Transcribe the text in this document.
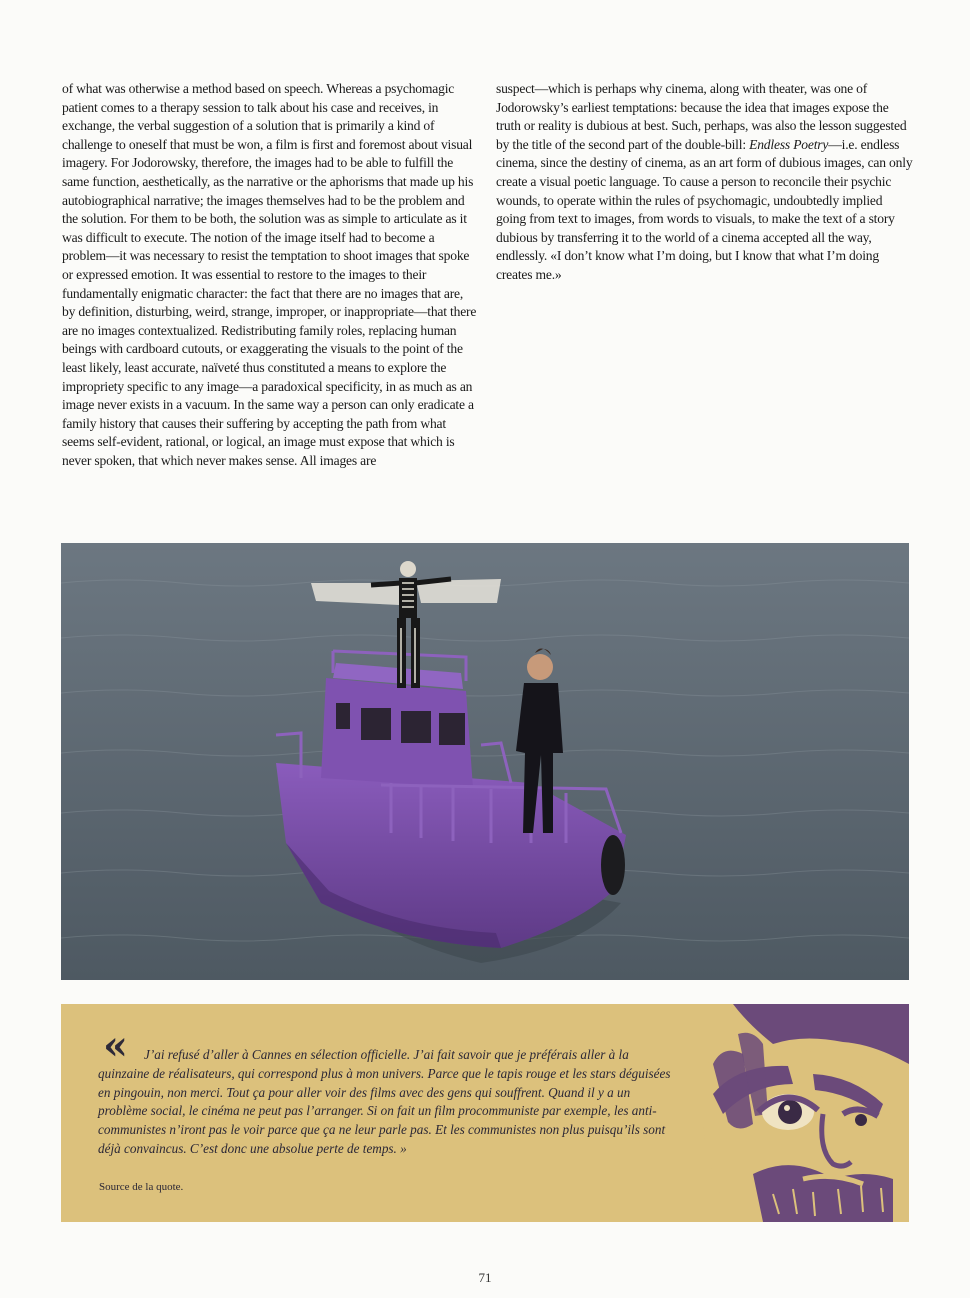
of what was otherwise a method based on speech. Whereas a psychomagic patient comes to a therapy session to talk about his case and receives, in exchange, the verbal suggestion of a solution that is primarily a kind of challenge to oneself that must be won, a film is first and foremost about visual imagery. For Jodorowsky, therefore, the images had to be able to fulfill the same function, aesthetically, as the narrative or the aphorisms that made up his autobiographical narrative; the images themselves had to be the problem and the solution. For them to be both, the solution was as simple to articulate as it was difficult to execute. The notion of the image itself had to become a problem—it was necessary to resist the temptation to shoot images that spoke or expressed emotion. It was essential to restore to the images to their fundamentally enigmatic character: the fact that there are no images that are, by definition, disturbing, weird, strange, improper, or inappropriate—that there are no images contextualized. Redistributing family roles, replacing human beings with cardboard cutouts, or exaggerating the visuals to the point of the least likely, least accurate, naïveté thus constituted a means to explore the impropriety specific to any image—a paradoxical specificity, in as much as an image never exists in a vacuum. In the same way a person can only eradicate a family history that causes their suffering by accepting the path from what seems self-evident, rational, or logical, an image must expose that which is never spoken, that which never makes sense. All images are

suspect—which is perhaps why cinema, along with theater, was one of Jodorowsky’s earliest temptations: because the idea that images expose the truth or reality is dubious at best. Such, perhaps, was also the lesson suggested by the title of the second part of the double-bill: Endless Poetry—i.e. endless cinema, since the destiny of cinema, as an art form of dubious images, can only create a visual poetic language. To cause a person to reconcile their psychic wounds, to operate within the rules of psychomagic, undoubtedly implied going from text to images, from words to visuals, to make the text of a story dubious by transferring it to the world of a cinema accepted all the way, endlessly. «I don’t know what I’m doing, but I know that what I’m doing creates me.»

«	J’ai refusé d’aller à Cannes en sélection officielle. J’ai fait savoir que je préférais aller à la quinzaine de réalisateurs, qui correspond plus à mon univers. Parce que le tapis rouge et les stars déguisées en pingouin, non merci. Tout ça pour aller voir des films avec des gens qui souffrent. Quand il y a un problème social, le cinéma ne peut pas l’arranger. Si on fait un film procommuniste par exemple, les anti-communistes n’iront pas le voir parce que ça ne leur parle pas. Et les communistes non plus puisqu’ils sont déjà convaincus. C’est donc une absolue perte de temps. »
Source de la quote.
71
